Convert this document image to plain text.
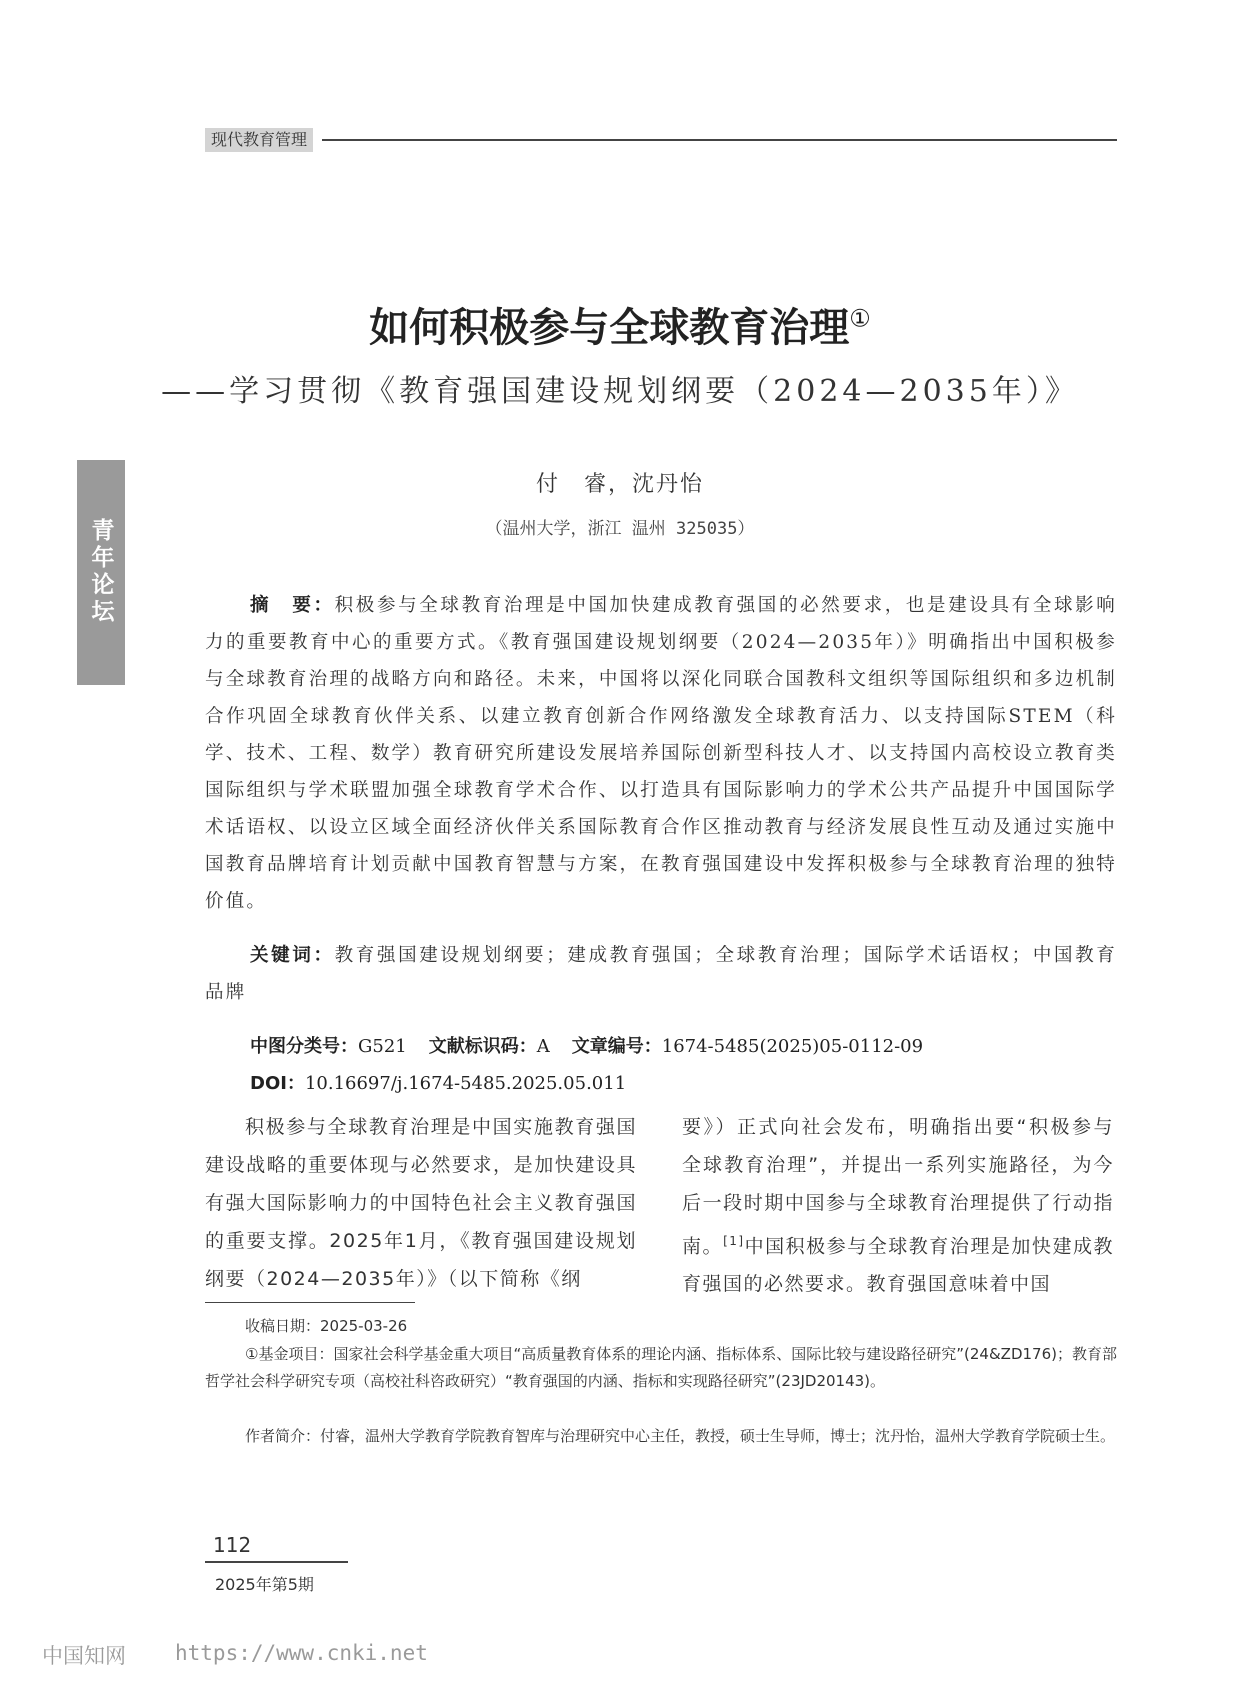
现代教育管理
青年论坛
如何积极参与全球教育治理①
——学习贯彻《教育强国建设规划纲要（2024—2035年）》
付　睿，沈丹怡
（温州大学，浙江 温州 325035）
摘　要：积极参与全球教育治理是中国加快建成教育强国的必然要求，也是建设具有全球影响力的重要教育中心的重要方式。《教育强国建设规划纲要（2024—2035年）》明确指出中国积极参与全球教育治理的战略方向和路径。未来，中国将以深化同联合国教科文组织等国际组织和多边机制合作巩固全球教育伙伴关系、以建立教育创新合作网络激发全球教育活力、以支持国际STEM（科学、技术、工程、数学）教育研究所建设发展培养国际创新型科技人才、以支持国内高校设立教育类国际组织与学术联盟加强全球教育学术合作、以打造具有国际影响力的学术公共产品提升中国国际学术话语权、以设立区域全面经济伙伴关系国际教育合作区推动教育与经济发展良性互动及通过实施中国教育品牌培育计划贡献中国教育智慧与方案，在教育强国建设中发挥积极参与全球教育治理的独特价值。
关键词：教育强国建设规划纲要；建成教育强国；全球教育治理；国际学术话语权；中国教育品牌
中图分类号：G521 文献标识码：A 文章编号：1674-5485(2025)05-0112-09
DOI：10.16697/j.1674-5485.2025.05.011
积极参与全球教育治理是中国实施教育强国建设战略的重要体现与必然要求，是加快建设具有强大国际影响力的中国特色社会主义教育强国的重要支撑。2025年1月，《教育强国建设规划纲要（2024—2035年）》（以下简称《纲
要》）正式向社会发布，明确指出要“积极参与全球教育治理”，并提出一系列实施路径，为今后一段时期中国参与全球教育治理提供了行动指南。[1]中国积极参与全球教育治理是加快建成教育强国的必然要求。教育强国意味着中国
收稿日期：2025-03-26
①基金项目：国家社会科学基金重大项目“高质量教育体系的理论内涵、指标体系、国际比较与建设路径研究”(24&ZD176)；教育部哲学社会科学研究专项（高校社科咨政研究）“教育强国的内涵、指标和实现路径研究”(23JD20143)。
作者简介：付睿，温州大学教育学院教育智库与治理研究中心主任，教授，硕士生导师，博士；沈丹怡，温州大学教育学院硕士生。
112
2025年第5期
中国知网 https://www.cnki.net
